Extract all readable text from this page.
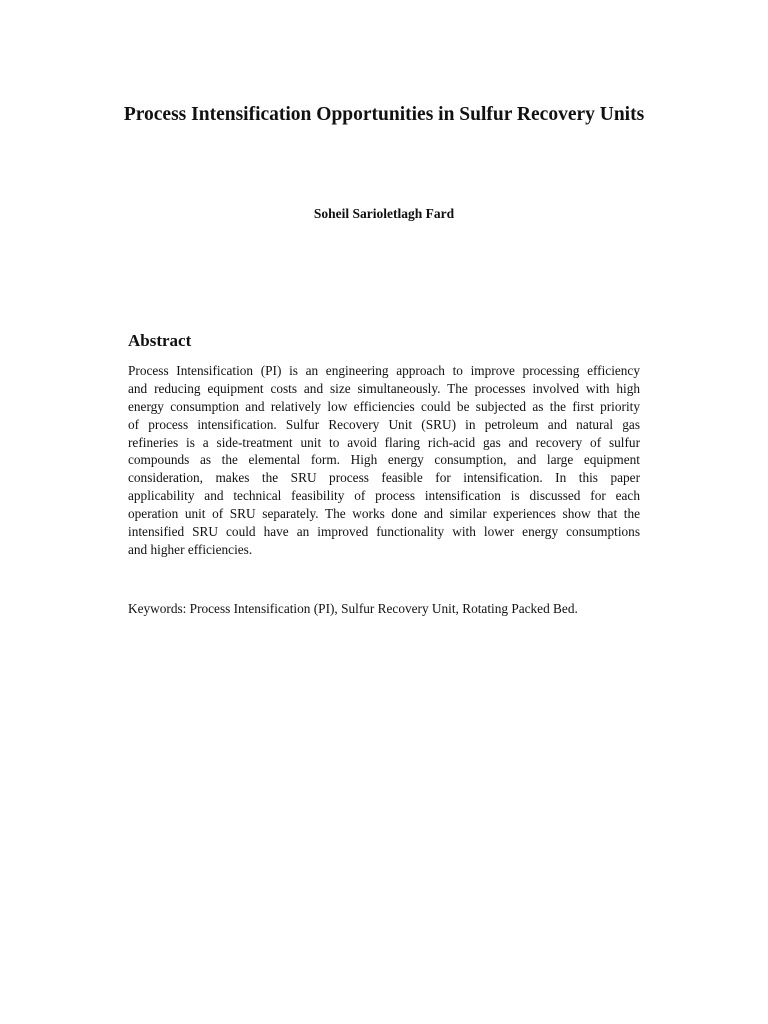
Process Intensification Opportunities in Sulfur Recovery Units

Soheil Sarioletlagh Fard

Abstract
Process Intensification (PI) is an engineering approach to improve processing efficiency
and reducing equipment costs and size simultaneously. The processes involved with high
energy consumption and relatively low efficiencies could be subjected as the first priority
of process intensification. Sulfur Recovery Unit (SRU) in petroleum and natural gas
refineries is a side-treatment unit to avoid flaring rich-acid gas and recovery of sulfur
compounds as the elemental form. High energy consumption, and large equipment
consideration, makes the SRU process feasible for intensification. In this paper
applicability and technical feasibility of process intensification is discussed for each
operation unit of SRU separately. The works done and similar experiences show that the
intensified SRU could have an improved functionality with lower energy consumptions
and higher efficiencies.

Keywords: Process Intensification (PI), Sulfur Recovery Unit, Rotating Packed Bed.
